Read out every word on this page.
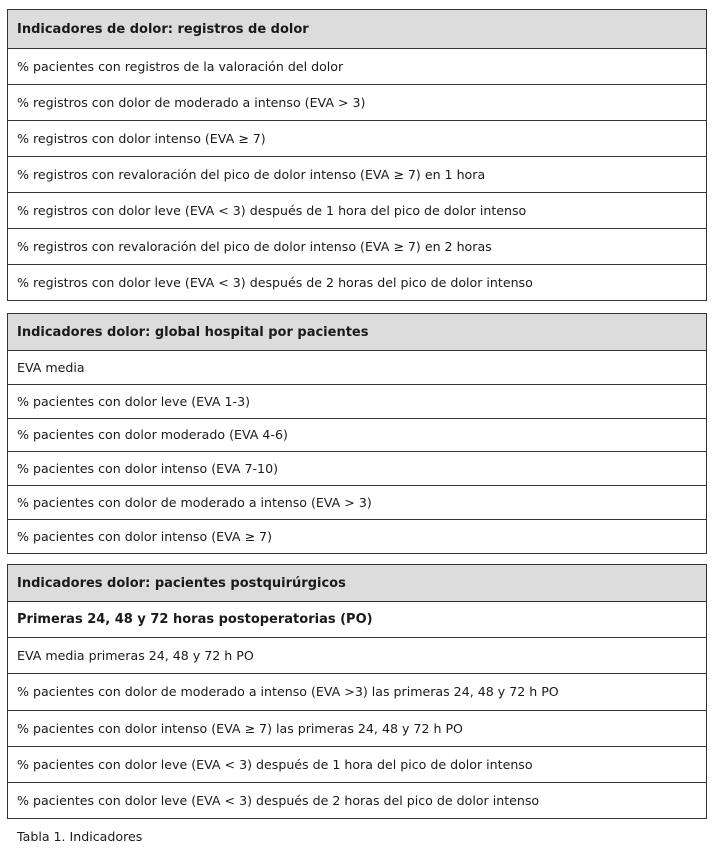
Indicadores de dolor: registros de dolor
% pacientes con registros de la valoración del dolor
% registros con dolor de moderado a intenso (EVA > 3)
% registros con dolor intenso (EVA ≥ 7)
% registros con revaloración del pico de dolor intenso (EVA ≥ 7) en 1 hora
% registros con dolor leve (EVA < 3) después de 1 hora del pico de dolor intenso
% registros con revaloración del pico de dolor intenso (EVA ≥ 7) en 2 horas
% registros con dolor leve (EVA < 3) después de 2 horas del pico de dolor intenso
Indicadores dolor: global hospital por pacientes
EVA media
% pacientes con dolor leve (EVA 1-3)
% pacientes con dolor moderado (EVA 4-6)
% pacientes con dolor intenso (EVA 7-10)
% pacientes con dolor de moderado a intenso (EVA > 3)
% pacientes con dolor intenso (EVA ≥ 7)
Indicadores dolor: pacientes postquirúrgicos
Primeras 24, 48 y 72 horas postoperatorias (PO)
EVA media primeras 24, 48 y 72 h PO
% pacientes con dolor de moderado a intenso (EVA >3) las primeras 24, 48 y 72 h PO
% pacientes con dolor intenso (EVA ≥ 7) las primeras 24, 48 y 72 h PO
% pacientes con dolor leve (EVA < 3) después de 1 hora del pico de dolor intenso
% pacientes con dolor leve (EVA < 3) después de 2 horas del pico de dolor intenso
Tabla 1. Indicadores
